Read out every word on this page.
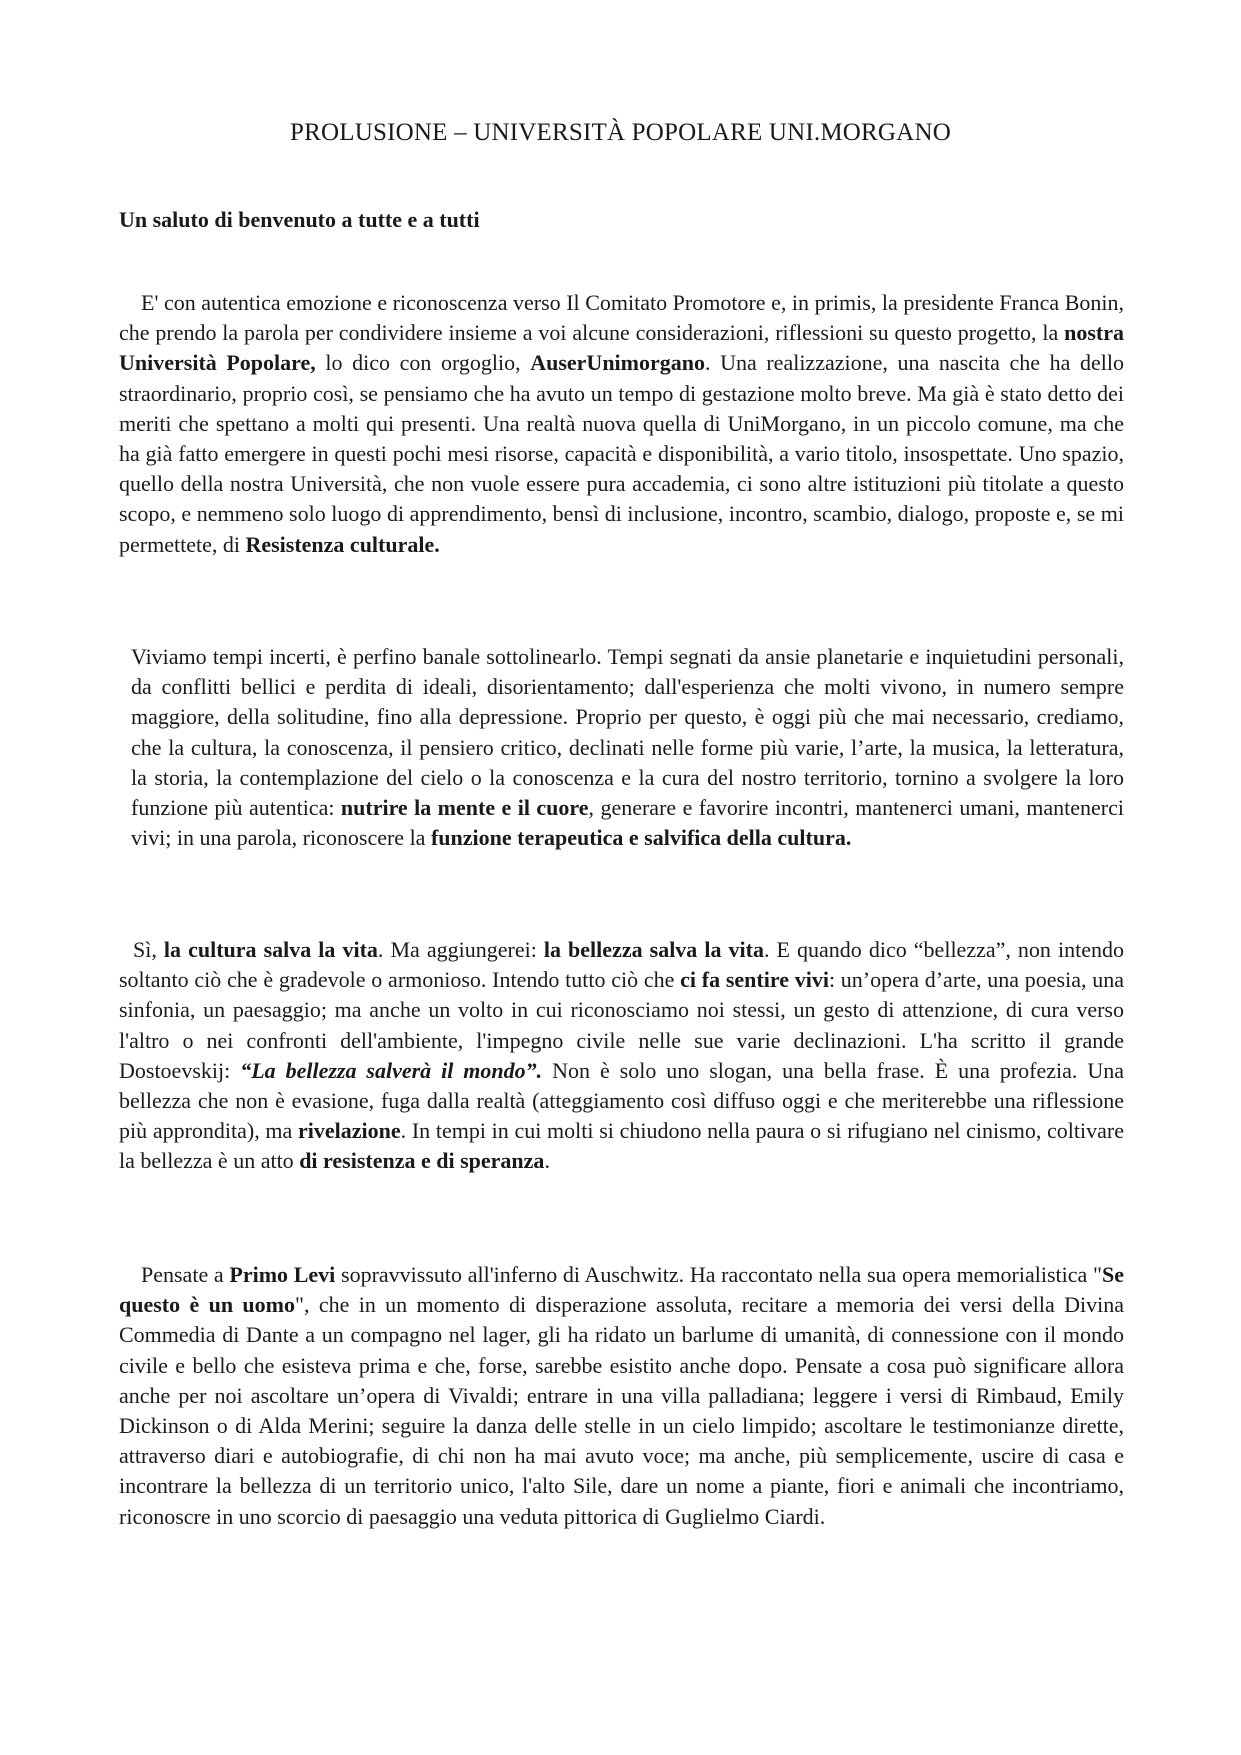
PROLUSIONE – UNIVERSITÀ POPOLARE UNI.MORGANO
Un saluto di benvenuto a tutte e a tutti

E' con autentica emozione e riconoscenza verso Il Comitato Promotore e, in primis, la presidente Franca Bonin, che prendo la parola per condividere insieme a voi alcune considerazioni, riflessioni su questo progetto, la nostra Università Popolare, lo dico con orgoglio, AuserUnimorgano. Una realizzazione, una nascita che ha dello straordinario, proprio così, se pensiamo che ha avuto un tempo di gestazione molto breve. Ma già è stato detto dei meriti che spettano a molti qui presenti. Una realtà nuova quella di UniMorgano, in un piccolo comune, ma che ha già fatto emergere in questi pochi mesi risorse, capacità e disponibilità, a vario titolo, insospettate. Uno spazio, quello della nostra Università, che non vuole essere pura accademia, ci sono altre istituzioni più titolate a questo scopo, e nemmeno solo luogo di apprendimento, bensì di inclusione, incontro, scambio, dialogo, proposte e, se mi permettete, di Resistenza culturale.

Viviamo tempi incerti, è perfino banale sottolinearlo. Tempi segnati da ansie planetarie e inquietudini personali, da conflitti bellici e perdita di ideali, disorientamento; dall'esperienza che molti vivono, in numero sempre maggiore, della solitudine, fino alla depressione. Proprio per questo, è oggi più che mai necessario, crediamo, che la cultura, la conoscenza, il pensiero critico, declinati nelle forme più varie, l’arte, la musica, la letteratura, la storia, la contemplazione del cielo o la conoscenza e la cura del nostro territorio, tornino a svolgere la loro funzione più autentica: nutrire la mente e il cuore, generare e favorire incontri, mantenerci umani, mantenerci vivi; in una parola, riconoscere la funzione terapeutica e salvifica della cultura.

Sì, la cultura salva la vita. Ma aggiungerei: la bellezza salva la vita. E quando dico “bellezza”, non intendo soltanto ciò che è gradevole o armonioso. Intendo tutto ciò che ci fa sentire vivi: un’opera d’arte, una poesia, una sinfonia, un paesaggio; ma anche un volto in cui riconosciamo noi stessi, un gesto di attenzione, di cura verso l'altro o nei confronti dell'ambiente, l'impegno civile nelle sue varie declinazioni. L'ha scritto il grande Dostoevskij: “La bellezza salverà il mondo”. Non è solo uno slogan, una bella frase. È una profezia. Una bellezza che non è evasione, fuga dalla realtà (atteggiamento così diffuso oggi e che meriterebbe una riflessione più approndita), ma rivelazione. In tempi in cui molti si chiudono nella paura o si rifugiano nel cinismo, coltivare la bellezza è un atto di resistenza e di speranza.

Pensate a Primo Levi sopravvissuto all'inferno di Auschwitz. Ha raccontato nella sua opera memorialistica "Se questo è un uomo", che in un momento di disperazione assoluta, recitare a memoria dei versi della Divina Commedia di Dante a un compagno nel lager, gli ha ridato un barlume di umanità, di connessione con il mondo civile e bello che esisteva prima e che, forse, sarebbe esistito anche dopo. Pensate a cosa può significare allora anche per noi ascoltare un’opera di Vivaldi; entrare in una villa palladiana; leggere i versi di Rimbaud, Emily Dickinson o di Alda Merini; seguire la danza delle stelle in un cielo limpido; ascoltare le testimonianze dirette, attraverso diari e autobiografie, di chi non ha mai avuto voce; ma anche, più semplicemente, uscire di casa e incontrare la bellezza di un territorio unico, l'alto Sile, dare un nome a piante, fiori e animali che incontriamo, riconoscre in uno scorcio di paesaggio una veduta pittorica di Guglielmo Ciardi.
